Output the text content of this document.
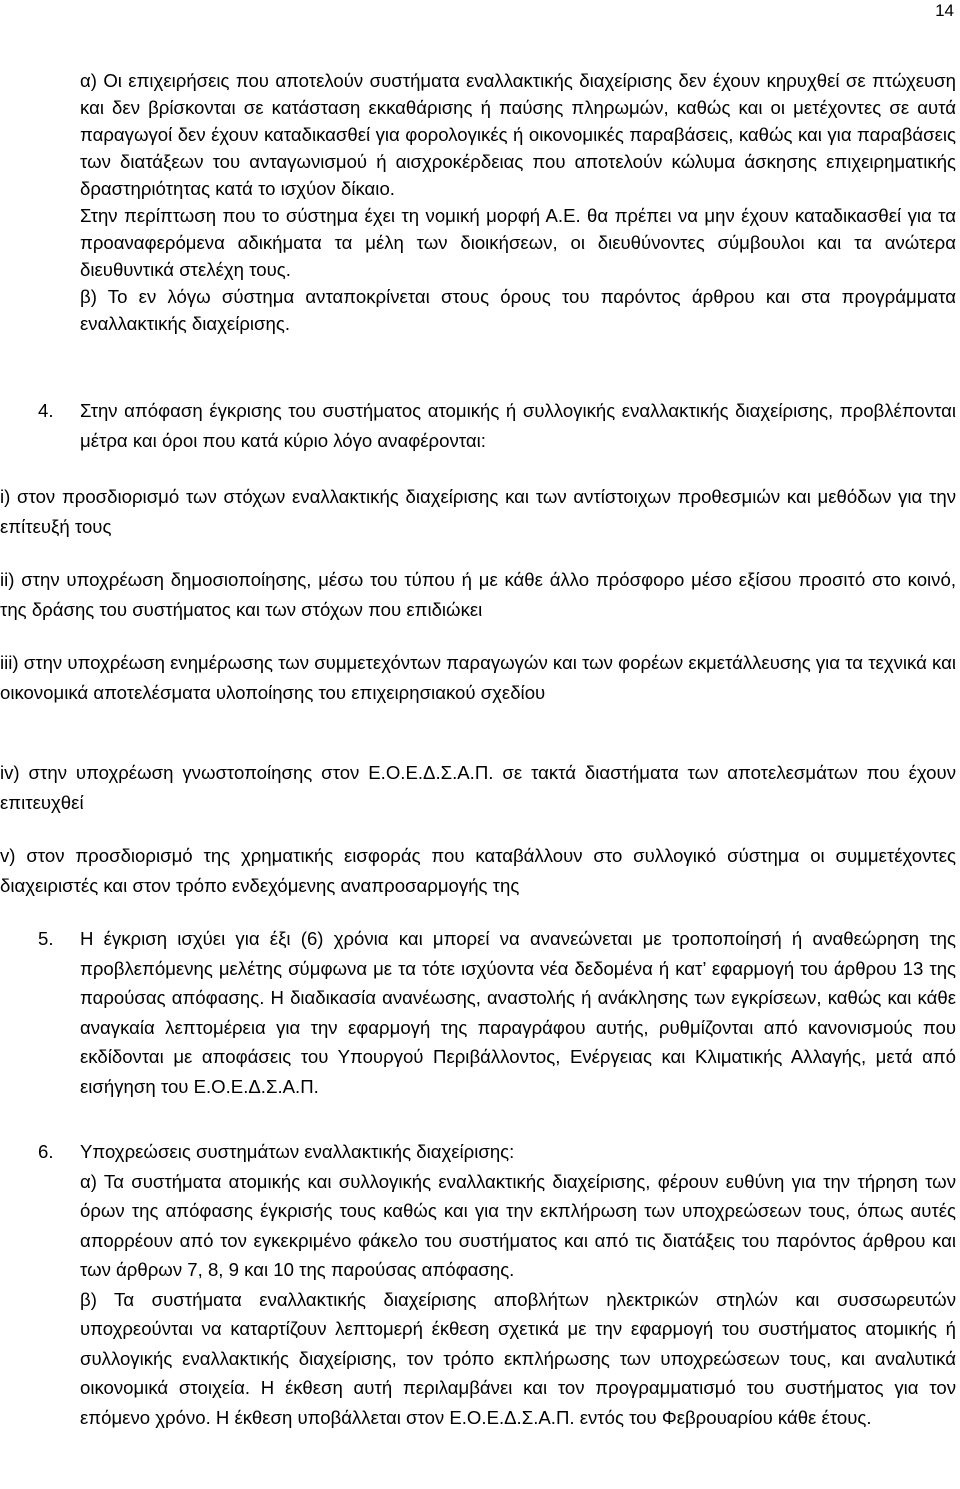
14

α) Οι επιχειρήσεις που αποτελούν συστήματα εναλλακτικής διαχείρισης δεν έχουν κηρυχθεί σε πτώχευση και δεν βρίσκονται σε κατάσταση εκκαθάρισης ή παύσης πληρωμών, καθώς και οι μετέχοντες σε αυτά παραγωγοί δεν έχουν καταδικασθεί για φορολογικές ή οικονομικές παραβάσεις, καθώς και για παραβάσεις των διατάξεων του ανταγωνισμού ή αισχροκέρδειας που αποτελούν κώλυμα άσκησης επιχειρηματικής δραστηριότητας κατά το ισχύον δίκαιο.

Στην περίπτωση που το σύστημα έχει τη νομική μορφή Α.Ε. θα πρέπει να μην έχουν καταδικασθεί για τα προαναφερόμενα αδικήματα τα μέλη των διοικήσεων, οι διευθύνοντες σύμβουλοι και τα ανώτερα διευθυντικά στελέχη τους.

β) Το εν λόγω σύστημα ανταποκρίνεται στους όρους του παρόντος άρθρου και στα προγράμματα εναλλακτικής διαχείρισης.

4. Στην απόφαση έγκρισης του συστήματος ατομικής ή συλλογικής εναλλακτικής διαχείρισης, προβλέπονται μέτρα και όροι που κατά κύριο λόγο αναφέρονται:

i) στον προσδιορισμό των στόχων εναλλακτικής διαχείρισης και των αντίστοιχων προθεσμιών και μεθόδων για την επίτευξή τους

ii) στην υποχρέωση δημοσιοποίησης, μέσω του τύπου ή με κάθε άλλο πρόσφορο μέσο εξίσου προσιτό στο κοινό, της δράσης του συστήματος και των στόχων που επιδιώκει

iii) στην υποχρέωση ενημέρωσης των συμμετεχόντων παραγωγών και των φορέων εκμετάλλευσης για τα τεχνικά και οικονομικά αποτελέσματα υλοποίησης του επιχειρησιακού σχεδίου

iv) στην υποχρέωση γνωστοποίησης στον Ε.Ο.Ε.Δ.Σ.Α.Π. σε τακτά διαστήματα των αποτελεσμάτων που έχουν επιτευχθεί

v) στον προσδιορισμό της χρηματικής εισφοράς που καταβάλλουν στο συλλογικό σύστημα οι συμμετέχοντες διαχειριστές και στον τρόπο ενδεχόμενης αναπροσαρμογής της

5. Η έγκριση ισχύει για έξι (6) χρόνια και μπορεί να ανανεώνεται με τροποποίησή ή αναθεώρηση της προβλεπόμενης μελέτης σύμφωνα με τα τότε ισχύοντα νέα δεδομένα ή κατ’ εφαρμογή του άρθρου 13 της παρούσας απόφασης. Η διαδικασία ανανέωσης, αναστολής ή ανάκλησης των εγκρίσεων, καθώς και κάθε αναγκαία λεπτομέρεια για την εφαρμογή της παραγράφου αυτής, ρυθμίζονται από κανονισμούς που εκδίδονται με αποφάσεις του Υπουργού Περιβάλλοντος, Ενέργειας και Κλιματικής Αλλαγής, μετά από εισήγηση του Ε.Ο.Ε.Δ.Σ.Α.Π.

6. Υποχρεώσεις συστημάτων εναλλακτικής διαχείρισης:

α) Τα συστήματα ατομικής και συλλογικής εναλλακτικής διαχείρισης, φέρουν ευθύνη για την τήρηση των όρων της απόφασης έγκρισής τους καθώς και για την εκπλήρωση των υποχρεώσεων τους, όπως αυτές απορρέουν από τον εγκεκριμένο φάκελο του συστήματος και από τις διατάξεις του παρόντος άρθρου και των άρθρων 7, 8, 9 και 10 της παρούσας απόφασης.

β) Τα συστήματα εναλλακτικής διαχείρισης αποβλήτων ηλεκτρικών στηλών και συσσωρευτών υποχρεούνται να καταρτίζουν λεπτομερή έκθεση σχετικά με την εφαρμογή του συστήματος ατομικής ή συλλογικής εναλλακτικής διαχείρισης, τον τρόπο εκπλήρωσης των υποχρεώσεων τους, και αναλυτικά οικονομικά στοιχεία. Η έκθεση αυτή περιλαμβάνει και τον προγραμματισμό του συστήματος για τον επόμενο χρόνο. Η έκθεση υποβάλλεται στον Ε.Ο.Ε.Δ.Σ.Α.Π. εντός του Φεβρουαρίου κάθε έτους.
